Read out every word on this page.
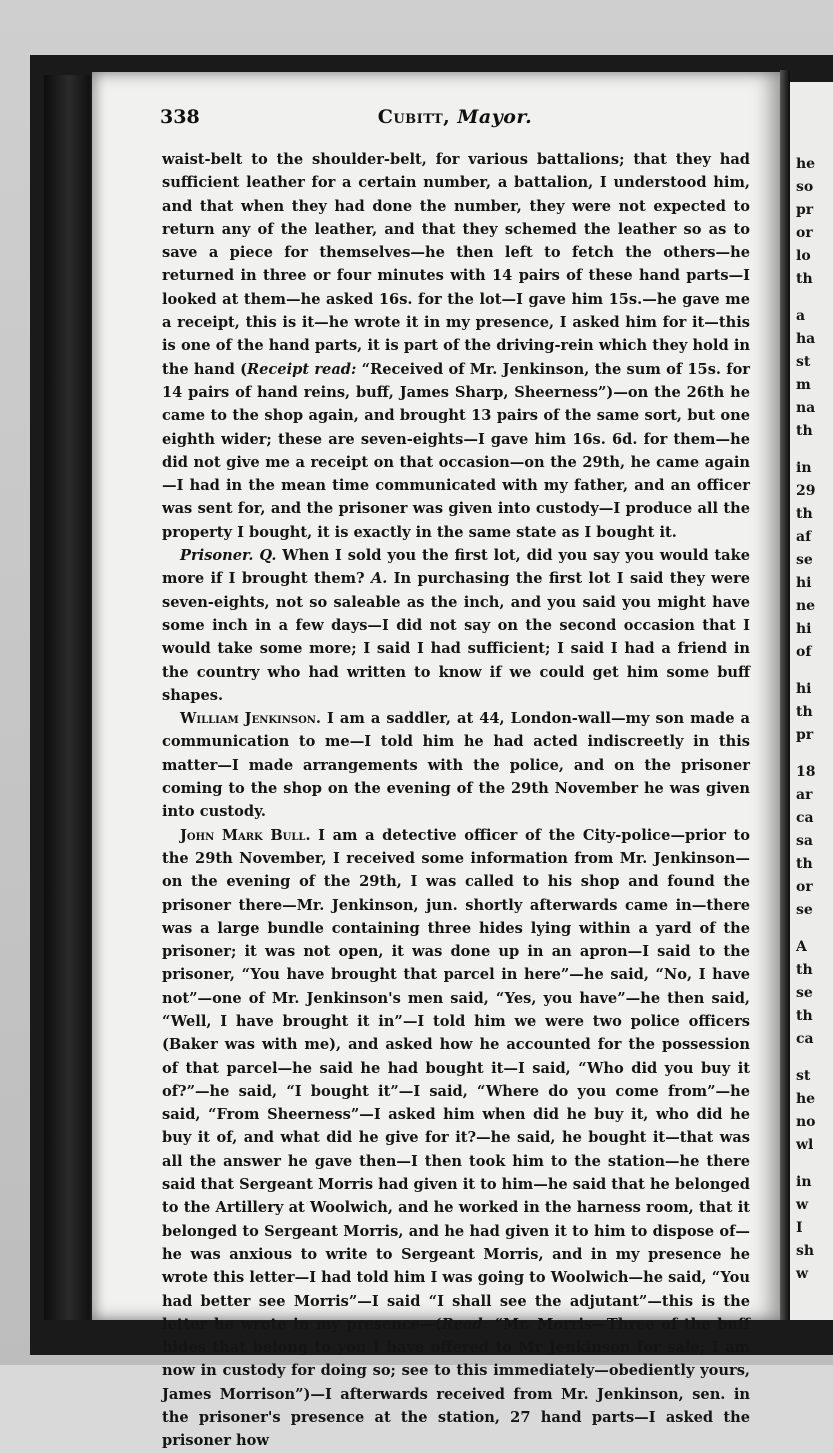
338	Cubitt, Mayor.

waist-belt to the shoulder-belt, for various battalions; that they had sufficient leather for a certain number, a battalion, I understood him, and that when they had done the number, they were not expected to return any of the leather, and that they schemed the leather so as to save a piece for themselves—he then left to fetch the others—he returned in three or four minutes with 14 pairs of these hand parts—I looked at them—he asked 16s. for the lot—I gave him 15s.—he gave me a receipt, this is it—he wrote it in my presence, I asked him for it—this is one of the hand parts, it is part of the driving-rein which they hold in the hand (Receipt read: “Received of Mr. Jenkinson, the sum of 15s. for 14 pairs of hand reins, buff, James Sharp, Sheerness”)—on the 26th he came to the shop again, and brought 13 pairs of the same sort, but one eighth wider; these are seven-eights—I gave him 16s. 6d. for them—he did not give me a receipt on that occasion—on the 29th, he came again—I had in the mean time communicated with my father, and an officer was sent for, and the prisoner was given into custody—I produce all the property I bought, it is exactly in the same state as I bought it.

Prisoner. Q. When I sold you the first lot, did you say you would take more if I brought them? A. In purchasing the first lot I said they were seven-eights, not so saleable as the inch, and you said you might have some inch in a few days—I did not say on the second occasion that I would take some more; I said I had sufficient; I said I had a friend in the country who had written to know if we could get him some buff shapes.

William Jenkinson. I am a saddler, at 44, London-wall—my son made a communication to me—I told him he had acted indiscreetly in this matter—I made arrangements with the police, and on the prisoner coming to the shop on the evening of the 29th November he was given into custody.

John Mark Bull. I am a detective officer of the City-police—prior to the 29th November, I received some information from Mr. Jenkinson—on the evening of the 29th, I was called to his shop and found the prisoner there—Mr. Jenkinson, jun. shortly afterwards came in—there was a large bundle containing three hides lying within a yard of the prisoner; it was not open, it was done up in an apron—I said to the prisoner, “You have brought that parcel in here”—he said, “No, I have not”—one of Mr. Jenkinson's men said, “Yes, you have”—he then said, “Well, I have brought it in”—I told him we were two police officers (Baker was with me), and asked how he accounted for the possession of that parcel—he said he had bought it—I said, “Who did you buy it of?”—he said, “I bought it”—I said, “Where do you come from”—he said, “From Sheerness”—I asked him when did he buy it, who did he buy it of, and what did he give for it?—he said, he bought it—that was all the answer he gave then—I then took him to the station—he there said that Sergeant Morris had given it to him—he said that he belonged to the Artillery at Woolwich, and he worked in the harness room, that it belonged to Sergeant Morris, and he had given it to him to dispose of—he was anxious to write to Sergeant Morris, and in my presence he wrote this letter—I had told him I was going to Woolwich—he said, “You had better see Morris”—I said “I shall see the adjutant”—this is the letter he wrote in my presence—(Read: “Mr. Morris—Three of the buff hides that belong to you I have offered to Mr Jenkinson for sale; I am now in custody for doing so; see to this immediately—obediently yours, James Morrison”)—I afterwards received from Mr. Jenkinson, sen. in the prisoner's presence at the station, 27 hand parts—I asked the prisoner how

he
so
pr
or
lo
th
a
ha
st
m
na
th
in
29
th
af
se
hi
ne
hi
of
hi
th
pr
18
ar
ca
sa
th
or
se
A
th
se
th
ca
st
he
no
wl
in
w
I
sh
w
